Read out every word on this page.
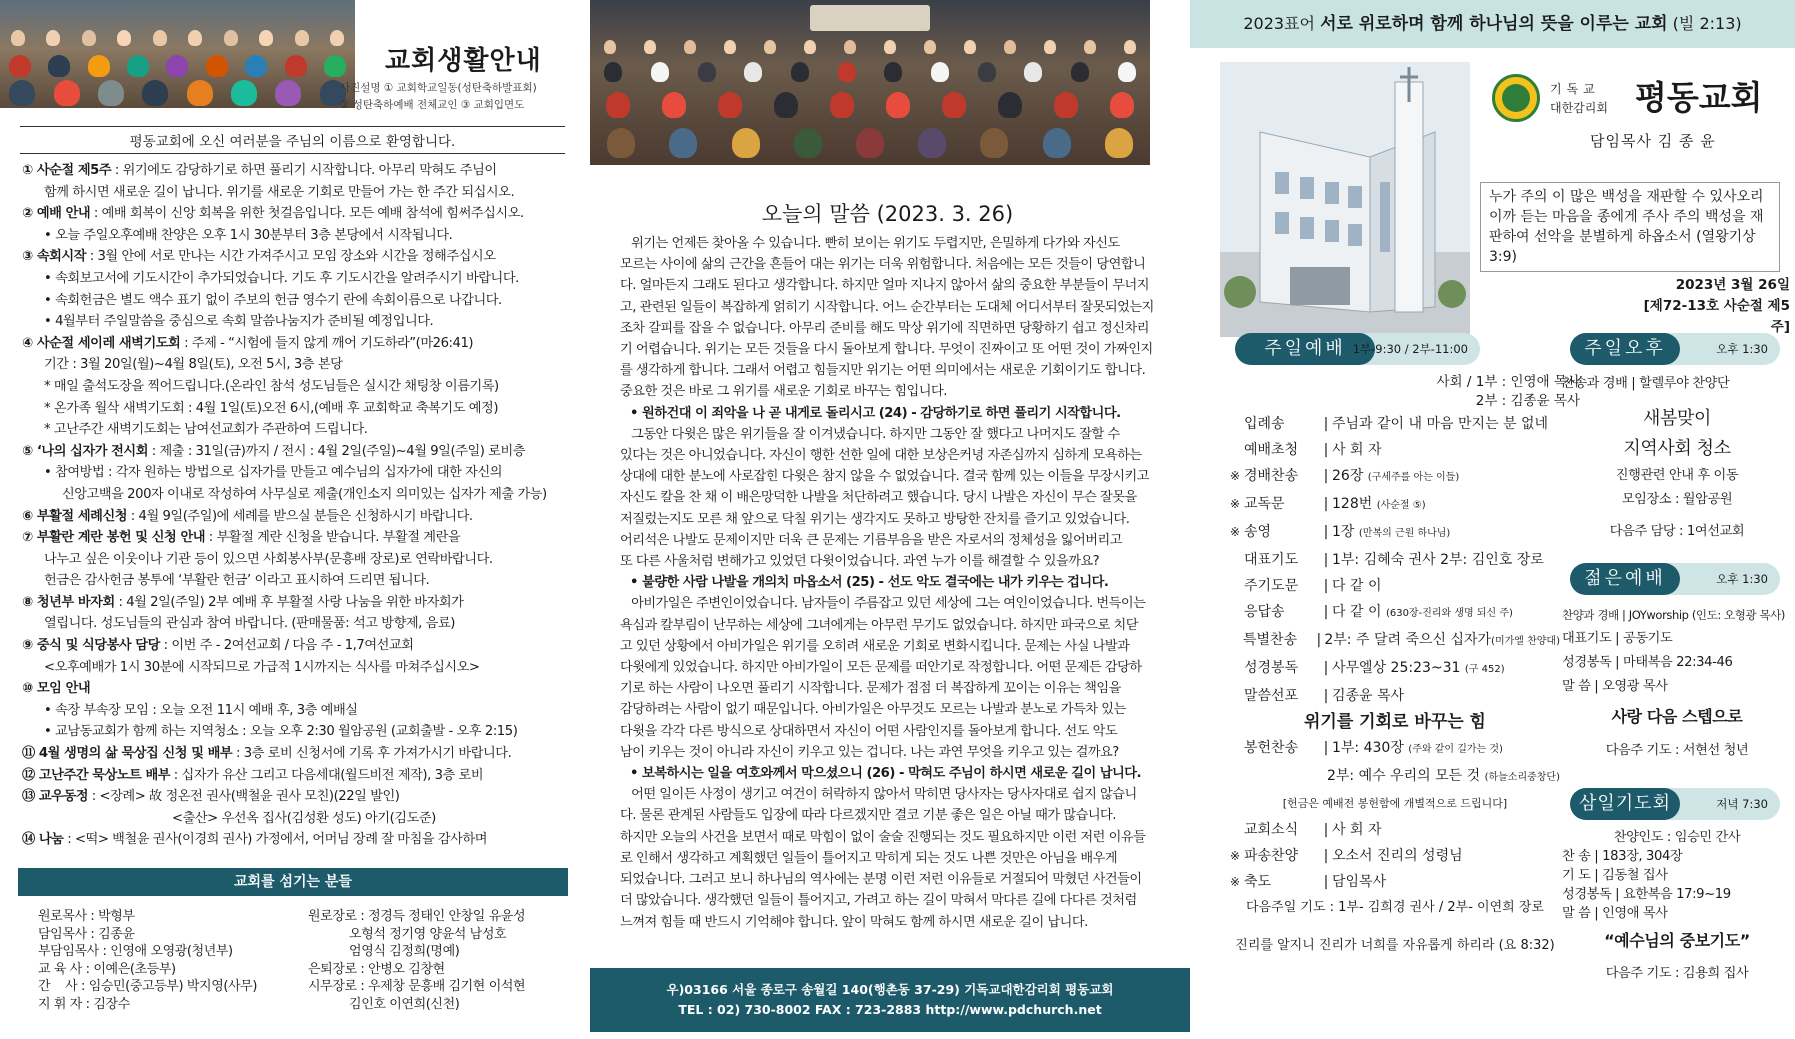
교회생활안내
사진설명 ① 교회학교일동(성탄축하발표회)
② 성탄축하예배 전체교인 ③ 교회입면도
평동교회에 오신 여러분을 주님의 이름으로 환영합니다.
① 사순절 제5주 : 위기에도 감당하기로 하면 풀리기 시작합니다. 아무리 막혀도 주님이
함께 하시면 새로운 길이 납니다. 위기를 새로운 기회로 만들어 가는 한 주간 되십시오.
② 예배 안내 : 예배 회복이 신앙 회복을 위한 첫걸음입니다. 모든 예배 참석에 힘써주십시오.
• 오늘 주일오후예배 찬양은 오후 1시 30분부터 3층 본당에서 시작됩니다.
③ 속회시작 : 3월 안에 서로 만나는 시간 가져주시고 모임 장소와 시간을 정해주십시오
• 속회보고서에 기도시간이 추가되었습니다. 기도 후 기도시간을 알려주시기 바랍니다.
• 속회헌금은 별도 액수 표기 없이 주보의 헌금 영수기 란에 속회이름으로 나갑니다.
• 4월부터 주일말씀을 중심으로 속회 말씀나눔지가 준비될 예정입니다.
④ 사순절 세이레 새벽기도회 : 주제 - “시험에 들지 않게 깨어 기도하라”(마26:41)
기간 : 3월 20일(월)~4월 8일(토), 오전 5시, 3층 본당
* 매일 출석도장을 찍어드립니다.(온라인 참석 성도님들은 실시간 채팅창 이름기록)
* 온가족 월삭 새벽기도회 : 4월 1일(토)오전 6시,(예배 후 교회학교 축복기도 예정)
* 고난주간 새벽기도회는 남여선교회가 주관하여 드립니다.
⑤ ‘나의 십자가 전시회 : 제출 : 31일(금)까지 / 전시 : 4월 2일(주일)~4월 9일(주일) 로비층
• 참여방법 : 각자 원하는 방법으로 십자가를 만들고 예수님의 십자가에 대한 자신의
신앙고백을 200자 이내로 작성하여 사무실로 제출(개인소지 의미있는 십자가 제출 가능)
⑥ 부활절 세례신청 : 4월 9일(주일)에 세례를 받으실 분들은 신청하시기 바랍니다.
⑦ 부활란 계란 봉헌 및 신청 안내 : 부활절 계란 신청을 받습니다. 부활절 계란을
나누고 싶은 이웃이나 기관 등이 있으면 사회봉사부(문흥배 장로)로 연락바랍니다.
헌금은 감사헌금 봉투에 ‘부활란 헌금’ 이라고 표시하여 드리면 됩니다.
⑧ 청년부 바자회 : 4월 2일(주일) 2부 예배 후 부활절 사랑 나눔을 위한 바자회가
열립니다. 성도님들의 관심과 참여 바랍니다. (판매물품: 석고 방향제, 음료)
⑨ 중식 및 식당봉사 담당 : 이번 주 - 2여선교회 / 다음 주 - 1,7여선교회
<오후예배가 1시 30분에 시작되므로 가급적 1시까지는 식사를 마쳐주십시오>
⑩ 모임 안내
• 속장 부속장 모임 : 오늘 오전 11시 예배 후, 3층 예배실
• 교남동교회가 함께 하는 지역청소 : 오늘 오후 2:30 월암공원 (교회출발 - 오후 2:15)
⑪ 4월 생명의 삶 묵상집 신청 및 배부 : 3층 로비 신청서에 기록 후 가져가시기 바랍니다.
⑫ 고난주간 묵상노트 배부 : 십자가 유산 그리고 다음세대(월드비전 제작), 3층 로비
⑬ 교우동정 : <장례> 故 정온전 권사(백철윤 권사 모친)(22일 발인)
<출산> 우선옥 집사(김성환 성도) 아기(김도준)
⑭ 나눔 : <떡> 백철윤 권사(이경희 권사) 가정에서, 어머님 장례 잘 마침을 감사하며
교회를 섬기는 분들
원로목사 : 박형부
담임목사 : 김종윤
부담임목사 : 인영애 오영광(청년부)
교 육 사 : 이예은(초등부)
간    사 : 임승민(중고등부) 박지영(사무)
지 휘 자 : 김장수
원로장로 : 정경득 정태인 안창일 유윤성
오형석 정기영 양윤석 남성호
엄영식 김정희(명예)
은퇴장로 : 안병오 김창현
시무장로 : 우제창 문흥배 김기현 이석현
김인호 이연희(신천)
오늘의 말씀 (2023. 3. 26)
위기는 언제든 찾아올 수 있습니다. 빤히 보이는 위기도 두렵지만, 은밀하게 다가와 자신도
모르는 사이에 삶의 근간을 흔들어 대는 위기는 더욱 위험합니다. 처음에는 모든 것들이 당연합니
다. 얼마든지 그래도 된다고 생각합니다. 하지만 얼마 지나지 않아서 삶의 중요한 부분들이 무너지
고, 관련된 일들이 복잡하게 얽히기 시작합니다. 어느 순간부터는 도대체 어디서부터 잘못되었는지
조차 갈피를 잡을 수 없습니다. 아무리 준비를 해도 막상 위기에 직면하면 당황하기 쉽고 정신차리
기 어렵습니다. 위기는 모든 것들을 다시 돌아보게 합니다. 무엇이 진짜이고 또 어떤 것이 가짜인지
를 생각하게 합니다. 그래서 어렵고 힘들지만 위기는 어떤 의미에서는 새로운 기회이기도 합니다.
중요한 것은 바로 그 위기를 새로운 기회로 바꾸는 힘입니다.
• 원하건대 이 죄악을 나 곧 내게로 돌리시고 (24) - 감당하기로 하면 풀리기 시작합니다.
그동안 다윗은 많은 위기들을 잘 이겨냈습니다. 하지만 그동안 잘 했다고 나머지도 잘할 수
있다는 것은 아니었습니다. 자신이 행한 선한 일에 대한 보상은커녕 자존심까지 심하게 모욕하는
상대에 대한 분노에 사로잡힌 다윗은 참지 않을 수 없었습니다. 결국 함께 있는 이들을 무장시키고
자신도 칼을 찬 채 이 배은망덕한 나발을 처단하려고 했습니다. 당시 나발은 자신이 무슨 잘못을
저질렀는지도 모른 채 앞으로 닥칠 위기는 생각지도 못하고 방탕한 잔치를 즐기고 있었습니다.
어리석은 나발도 문제이지만 더욱 큰 문제는 기름부음을 받은 자로서의 정체성을 잃어버리고
또 다른 사울처럼 변해가고 있었던 다윗이었습니다. 과연 누가 이를 해결할 수 있을까요?
• 불량한 사람 나발을 개의치 마옵소서 (25) - 선도 악도 결국에는 내가 키우는 겁니다.
아비가일은 주변인이었습니다. 남자들이 주름잡고 있던 세상에 그는 여인이었습니다. 번득이는
욕심과 칼부림이 난무하는 세상에 그녀에게는 아무런 무기도 없었습니다. 하지만 파국으로 치닫
고 있던 상황에서 아비가일은 위기를 오히려 새로운 기회로 변화시킵니다. 문제는 사실 나발과
다윗에게 있었습니다. 하지만 아비가일이 모든 문제를 떠안기로 작정합니다. 어떤 문제든 감당하
기로 하는 사람이 나오면 풀리기 시작합니다. 문제가 점점 더 복잡하게 꼬이는 이유는 책임을
감당하려는 사람이 없기 때문입니다. 아비가일은 아무것도 모르는 나발과 분노로 가득차 있는
다윗을 각각 다른 방식으로 상대하면서 자신이 어떤 사람인지를 돌아보게 합니다. 선도 악도
남이 키우는 것이 아니라 자신이 키우고 있는 겁니다. 나는 과연 무엇을 키우고 있는 걸까요?
• 보복하시는 일을 여호와께서 막으셨으니 (26) - 막혀도 주님이 하시면 새로운 길이 납니다.
어떤 일이든 사정이 생기고 여건이 허락하지 않아서 막히면 당사자는 당사자대로 쉽지 않습니
다. 물론 관계된 사람들도 입장에 따라 다르겠지만 결코 기분 좋은 일은 아닐 때가 많습니다.
하지만 오늘의 사건을 보면서 때로 막힘이 없이 술술 진행되는 것도 필요하지만 이런 저런 이유들
로 인해서 생각하고 계획했던 일들이 틀어지고 막히게 되는 것도 나쁜 것만은 아님을 배우게
되었습니다. 그러고 보니 하나님의 역사에는 분명 이런 저런 이유들로 거절되어 막혔던 사건들이
더 많았습니다. 생각했던 일들이 틀어지고, 가려고 하는 길이 막혀서 막다른 길에 다다른 것처럼
느껴져 힘들 때 반드시 기억해야 합니다. 앞이 막혀도 함께 하시면 새로운 길이 납니다.
우)03166 서울 종로구 송월길 140(행촌동 37-29) 기독교대한감리회 평동교회
TEL : 02) 730-8002 FAX : 723-2883 http://www.pdchurch.net
2023표어 서로 위로하며 함께 하나님의 뜻을 이루는 교회 (빌 2:13)
기독교
대한감리회 평동교회
담임목사 김 종 윤
누가 주의 이 많은 백성을 재판할 수 있사오리이까 듣는 마음을 종에게 주사 주의 백성을 재판하여 선악을 분별하게 하옵소서 (열왕기상 3:9)
2023년 3월 26일
[제72-13호 사순절 제5주]
주일예배 1부-9:30 / 2부-11:00
사회 / 1부 : 인영애 목사
2부 : 김종윤 목사
입례송	| 주님과 같이 내 마음 만지는 분 없네
예배초청	| 사 회 자
※ 경배찬송	| 26장 (구세주를 아는 이들)
※ 교독문	| 128번 (사순절 ⑤)
※ 송영	| 1장 (만복의 근원 하나님)
대표기도	| 1부: 김혜숙 권사 2부: 김인호 장로
주기도문	| 다 같 이
응답송	| 다 같 이 (630장-진리와 생명 되신 주)
특별찬송	| 2부: 주 달려 죽으신 십자가(미가엘 찬양대)
성경봉독	| 사무엘상 25:23~31 (구 452)
말씀선포	| 김종윤 목사
위기를 기회로 바꾸는 힘
봉헌찬송	| 1부: 430장 (주와 같이 길가는 것)
2부: 예수 우리의 모든 것 (하늘소리중창단)
[헌금은 예배전 봉헌함에 개별적으로 드립니다]
교회소식	| 사 회 자
※ 파송찬양	| 오소서 진리의 성령님
※ 축도	| 담임목사
다음주일 기도 : 1부- 김희경 권사 / 2부- 이연희 장로
진리를 알지니 진리가 너희를 자유롭게 하리라 (요 8:32)
주일오후	오후 1:30
찬송과 경배 | 할렐루야 찬양단
새봄맞이
지역사회 청소
진행관련 안내 후 이동
모임장소 : 월암공원
다음주 담당 : 1여선교회
젊은예배	오후 1:30
찬양과 경배 | JOYworship (인도: 오형광 목사)
대표기도 | 공동기도
성경봉독 | 마태복음 22:34-46
말 씀 | 오영광 목사
사랑 다음 스텝으로
다음주 기도 : 서현선 청년
삼일기도회	저녁 7:30
찬양인도 : 임승민 간사
찬 송 | 183장, 304장
기 도 | 김동철 집사
성경봉독 | 요한복음 17:9~19
말 씀 | 인영애 목사
“예수님의 중보기도”
다음주 기도 : 김용희 집사
